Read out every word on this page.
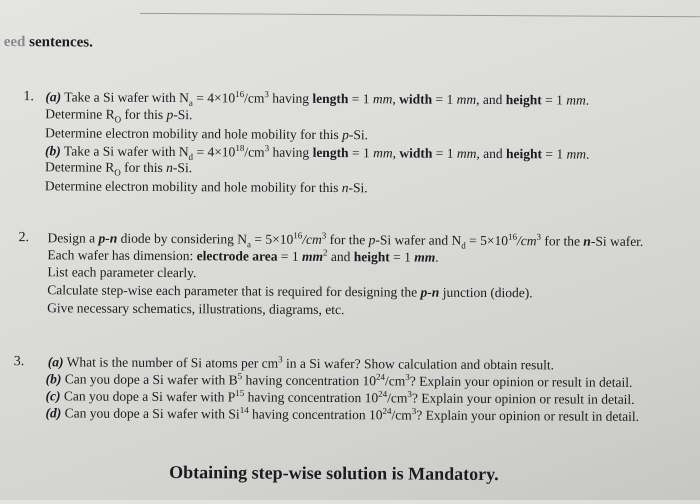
eed sentences.
1. (a) Take a Si wafer with $N_a = 4\times 10^{16}/cm^3$ having length = 1 mm, width = 1 mm, and height = 1 mm.
Determine $R_O$ for this p-Si.
Determine electron mobility and hole mobility for this p-Si.
(b) Take a Si wafer with $N_d = 4\times 10^{18}/cm^3$ having length = 1 mm, width = 1 mm, and height = 1 mm.
Determine $R_O$ for this n-Si.
Determine electron mobility and hole mobility for this n-Si.
2. Design a p-n diode by considering $N_a = 5\times 10^{16}/cm^3$ for the p-Si wafer and $N_d = 5\times 10^{16}/cm^3$ for the n-Si wafer.
Each wafer has dimension: electrode area = 1 $mm^2$ and height = 1 mm.
List each parameter clearly.
Calculate step-wise each parameter that is required for designing the p-n junction (diode).
Give necessary schematics, illustrations, diagrams, etc.
3. (a) What is the number of Si atoms per $cm^3$ in a Si wafer? Show calculation and obtain result.
(b) Can you dope a Si wafer with $B^5$ having concentration $10^{24}/cm^3$? Explain your opinion or result in detail.
(c) Can you dope a Si wafer with $P^{15}$ having concentration $10^{24}/cm^3$? Explain your opinion or result in detail.
(d) Can you dope a Si wafer with Si$^{14}$ having concentration $10^{24}/cm^3$? Explain your opinion or result in detail.
Obtaining step-wise solution is Mandatory.
